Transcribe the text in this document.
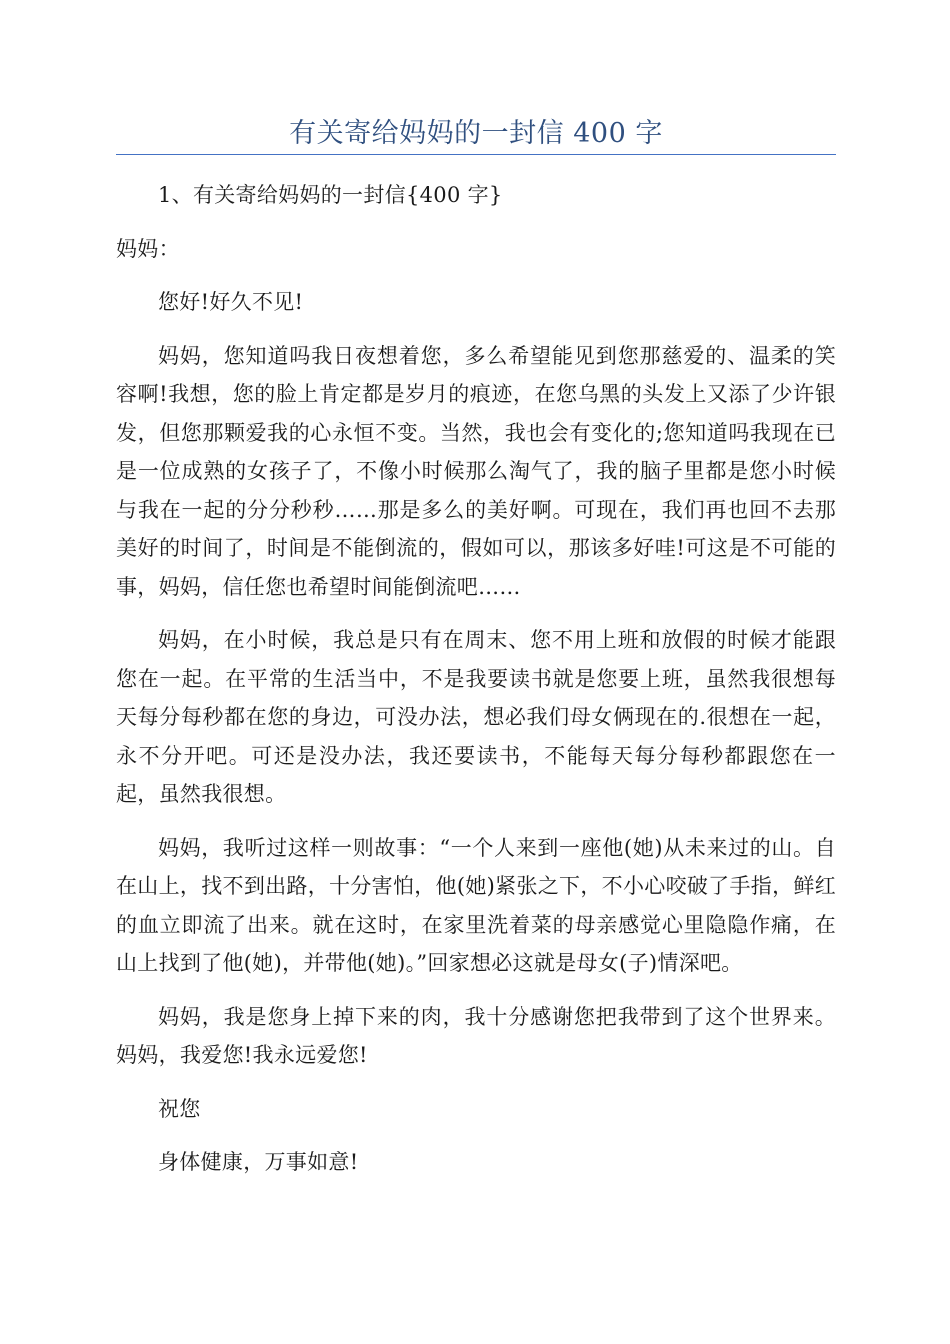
有关寄给妈妈的一封信 400 字

1、有关寄给妈妈的一封信{400 字}

妈妈：

您好!好久不见!

妈妈，您知道吗我日夜想着您，多么希望能见到您那慈爱的、温柔的笑容啊!我想，您的脸上肯定都是岁月的痕迹，在您乌黑的头发上又添了少许银发，但您那颗爱我的心永恒不变。当然，我也会有变化的;您知道吗我现在已是一位成熟的女孩子了，不像小时候那么淘气了，我的脑子里都是您小时候与我在一起的分分秒秒……那是多么的美好啊。可现在，我们再也回不去那美好的时间了，时间是不能倒流的，假如可以，那该多好哇!可这是不可能的事，妈妈，信任您也希望时间能倒流吧……

妈妈，在小时候，我总是只有在周末、您不用上班和放假的时候才能跟您在一起。在平常的生活当中，不是我要读书就是您要上班，虽然我很想每天每分每秒都在您的身边，可没办法，想必我们母女俩现在的.很想在一起，永不分开吧。可还是没办法，我还要读书，不能每天每分每秒都跟您在一起，虽然我很想。

妈妈，我听过这样一则故事：“一个人来到一座他(她)从未来过的山。自在山上，找不到出路，十分害怕，他(她)紧张之下，不小心咬破了手指，鲜红的血立即流了出来。就在这时，在家里洗着菜的母亲感觉心里隐隐作痛，在山上找到了他(她)，并带他(她)。”回家想必这就是母女(子)情深吧。

妈妈，我是您身上掉下来的肉，我十分感谢您把我带到了这个世界来。妈妈，我爱您!我永远爱您!

祝您

身体健康，万事如意!
